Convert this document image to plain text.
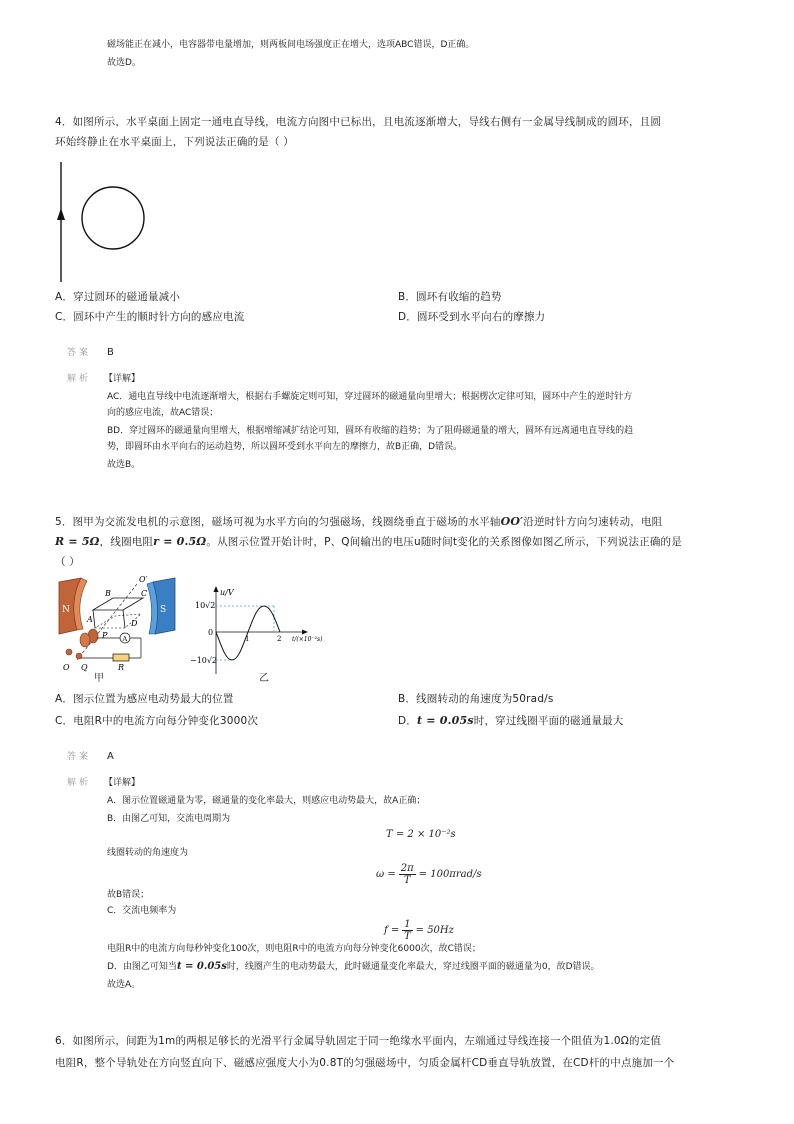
磁场能正在减小，电容器带电量增加，则两板间电场强度正在增大，选项ABC错误，D正确。
故选D。
4．如图所示，水平桌面上固定一通电直导线，电流方向图中已标出，且电流逐渐增大，导线右侧有一金属导线制成的圆环，且圆
环始终静止在水平桌面上，下列说法正确的是（ ）
A．穿过圆环的磁通量减小	B．圆环有收缩的趋势
C．圆环中产生的顺时针方向的感应电流	D．圆环受到水平向右的摩擦力
答案 B
解析 【详解】
AC．通电直导线中电流逐渐增大，根据右手螺旋定则可知，穿过圆环的磁通量向里增大；根据楞次定律可知，圆环中产生的逆时针方
向的感应电流，故AC错误；
BD．穿过圆环的磁通量向里增大，根据增缩减扩结论可知，圆环有收缩的趋势；为了阻碍磁通量的增大，圆环有远离通电直导线的趋
势，即圆环由水平向右的运动趋势，所以圆环受到水平向左的摩擦力，故B正确，D错误。
故选B。
5．图甲为交流发电机的示意图，磁场可视为水平方向的匀强磁场，线圈绕垂直于磁场的水平轴OO′沿逆时针方向匀速转动，电阻
R = 5Ω，线圈电阻r = 0.5Ω。从图示位置开始计时，P、Q间输出的电压u随时间t变化的关系图像如图乙所示，下列说法正确的是
（ ）
N	S
O′
A
B	C
D
P A
R
O Q
甲
u/V
t/(×10⁻²s)
10√2
0
−10√2
1	2
乙
A．图示位置为感应电动势最大的位置	B．线圈转动的角速度为50rad/s
C．电阻R中的电流方向每分钟变化3000次	D．t = 0.05s时，穿过线圈平面的磁通量最大
答案 A
解析 【详解】
A．图示位置磁通量为零，磁通量的变化率最大，则感应电动势最大，故A正确；
B．由图乙可知，交流电周期为
T = 2 × 10⁻²s
线圈转动的角速度为
$\omega = \frac{2\pi}{T} = 100\pi rad/s$
故B错误；
C．交流电频率为
$f = \frac{1}{T} = 50Hz$
电阻R中的电流方向每秒钟变化100次，则电阻R中的电流方向每分钟变化6000次，故C错误；
D．由图乙可知当t = 0.05s时，线圈产生的电动势最大，此时磁通量变化率最大，穿过线圈平面的磁通量为0，故D错误。
故选A。
6．如图所示，间距为1m的两根足够长的光滑平行金属导轨固定于同一绝缘水平面内，左端通过导线连接一个阻值为1.0Ω的定值
电阻R，整个导轨处在方向竖直向下、磁感应强度大小为0.8T的匀强磁场中，匀质金属杆CD垂直导轨放置，在CD杆的中点施加一个
